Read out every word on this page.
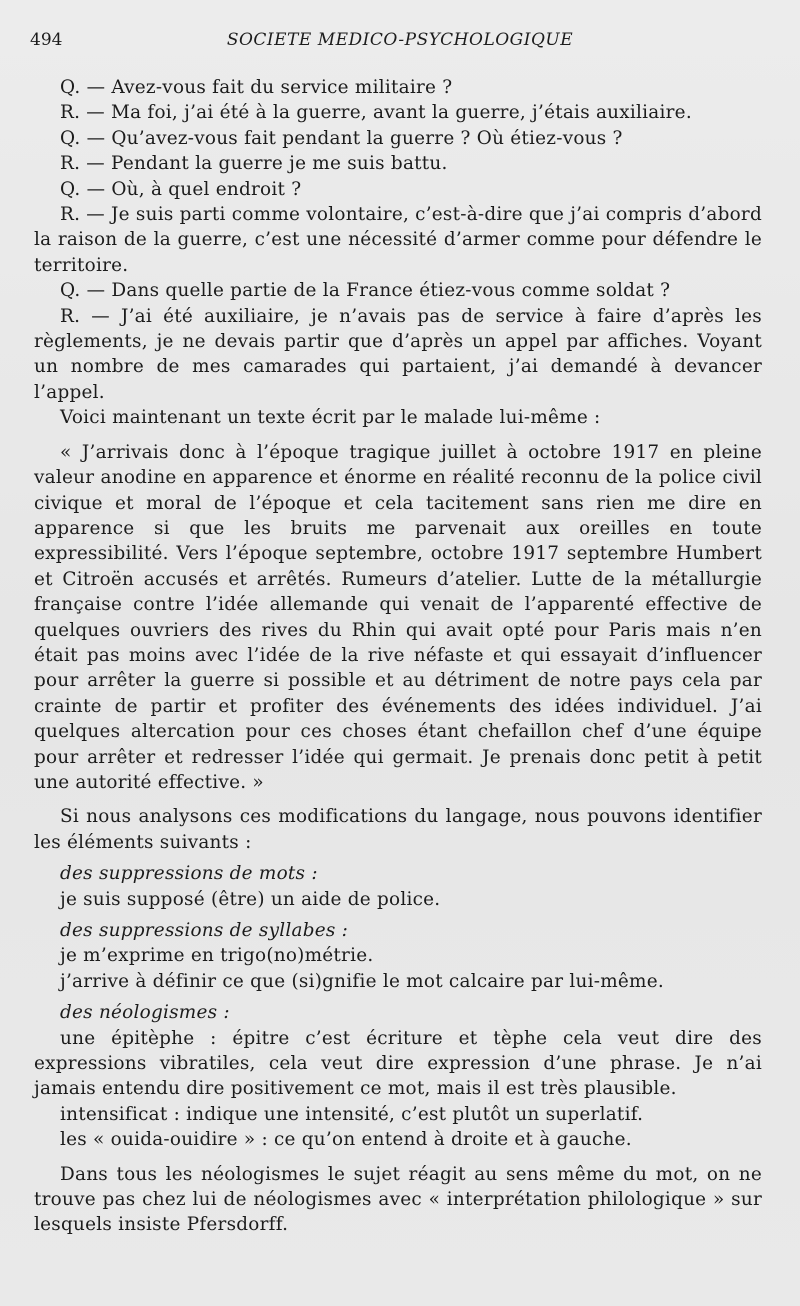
494	SOCIETE MEDICO-PSYCHOLOGIQUE

Q. — Avez-vous fait du service militaire ?

R. — Ma foi, j’ai été à la guerre, avant la guerre, j’étais auxiliaire.

Q. — Qu’avez-vous fait pendant la guerre ? Où étiez-vous ?

R. — Pendant la guerre je me suis battu.

Q. — Où, à quel endroit ?

R. — Je suis parti comme volontaire, c’est-à-dire que j’ai compris d’abord la raison de la guerre, c’est une nécessité d’armer comme pour défendre le territoire.

Q. — Dans quelle partie de la France étiez-vous comme soldat ?

R. — J’ai été auxiliaire, je n’avais pas de service à faire d’après les règlements, je ne devais partir que d’après un appel par affiches. Voyant un nombre de mes camarades qui partaient, j’ai demandé à devancer l’appel.

Voici maintenant un texte écrit par le malade lui-même :

« J’arrivais donc à l’époque tragique juillet à octobre 1917 en pleine valeur anodine en apparence et énorme en réalité reconnu de la police civil civique et moral de l’époque et cela tacitement sans rien me dire en apparence si que les bruits me parvenait aux oreilles en toute expressibilité. Vers l’époque septembre, octobre 1917 septembre Humbert et Citroën accusés et arrêtés. Rumeurs d’atelier. Lutte de la métallurgie française contre l’idée allemande qui venait de l’apparenté effective de quelques ouvriers des rives du Rhin qui avait opté pour Paris mais n’en était pas moins avec l’idée de la rive néfaste et qui essayait d’influencer pour arrêter la guerre si possible et au détriment de notre pays cela par crainte de partir et profiter des événements des idées individuel. J’ai quelques altercation pour ces choses étant chefaillon chef d’une équipe pour arrêter et redresser l’idée qui germait. Je prenais donc petit à petit une autorité effective. »

Si nous analysons ces modifications du langage, nous pouvons identifier les éléments suivants :

des suppressions de mots :

je suis supposé (être) un aide de police.

des suppressions de syllabes :

je m’exprime en trigo(no)métrie.

j’arrive à définir ce que (si)gnifie le mot calcaire par lui-même.

des néologismes :

une épitèphe : épitre c’est écriture et tèphe cela veut dire des expressions vibratiles, cela veut dire expression d’une phrase. Je n’ai jamais entendu dire positivement ce mot, mais il est très plausible.

intensificat : indique une intensité, c’est plutôt un superlatif.

les « ouida-ouidire » : ce qu’on entend à droite et à gauche.

Dans tous les néologismes le sujet réagit au sens même du mot, on ne trouve pas chez lui de néologismes avec « interprétation philologique » sur lesquels insiste Pfersdorff.
